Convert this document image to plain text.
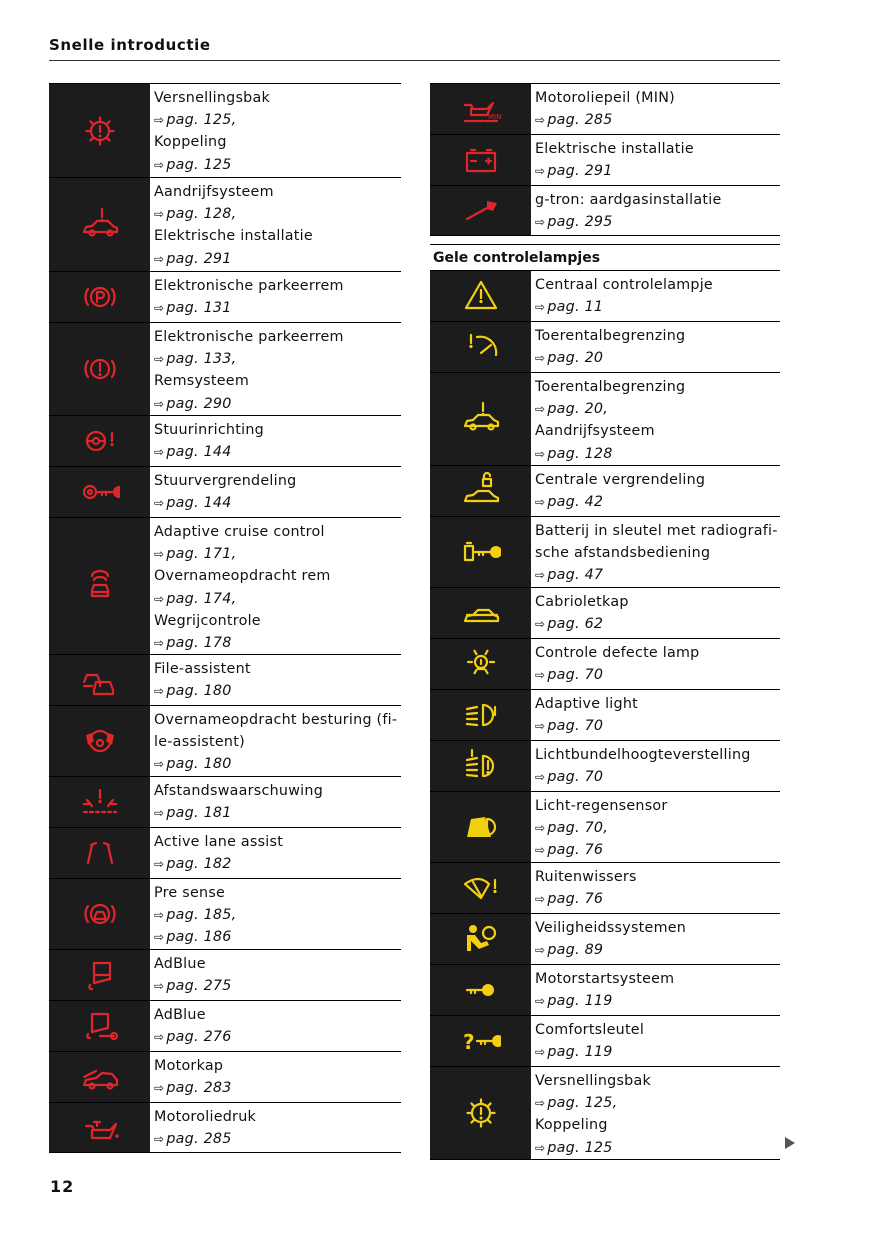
Snelle introductie
Versnellingsbak
⇨ pag. 125,
Koppeling
⇨ pag. 125
Aandrijfsysteem
⇨ pag. 128,
Elektrische installatie
⇨ pag. 291
Elektronische parkeerrem
⇨ pag. 131
Elektronische parkeerrem
⇨ pag. 133,
Remsysteem
⇨ pag. 290
Stuurinrichting
⇨ pag. 144
Stuurvergrendeling
⇨ pag. 144
Adaptive cruise control
⇨ pag. 171,
Overnameopdracht rem
⇨ pag. 174,
Wegrijcontrole
⇨ pag. 178
File-assistent
⇨ pag. 180
Overnameopdracht besturing (fi-
le-assistent)
⇨ pag. 180
Afstandswaarschuwing
⇨ pag. 181
Active lane assist
⇨ pag. 182
Pre sense
⇨ pag. 185,
⇨ pag. 186
AdBlue
⇨ pag. 275
AdBlue
⇨ pag. 276
Motorkap
⇨ pag. 283
Motoroliedruk
⇨ pag. 285
MIN
Motoroliepeil (MIN)
⇨ pag. 285
Elektrische installatie
⇨ pag. 291
g-tron: aardgasinstallatie
⇨ pag. 295
Gele controlelampjes
Centraal controlelampje
⇨ pag. 11
Toerentalbegrenzing
⇨ pag. 20
Toerentalbegrenzing
⇨ pag. 20,
Aandrijfsysteem
⇨ pag. 128
Centrale vergrendeling
⇨ pag. 42
Batterij in sleutel met radiografi-
sche afstandsbediening
⇨ pag. 47
Cabrioletkap
⇨ pag. 62
Controle defecte lamp
⇨ pag. 70
Adaptive light
⇨ pag. 70
Lichtbundelhoogteverstelling
⇨ pag. 70
Licht-regensensor
⇨ pag. 70,
⇨ pag. 76
Ruitenwissers
⇨ pag. 76
Veiligheidssystemen
⇨ pag. 89
Motorstartsysteem
⇨ pag. 119
?	Comfortsleutel
⇨ pag. 119
Versnellingsbak
⇨ pag. 125,
Koppeling
⇨ pag. 125
12
